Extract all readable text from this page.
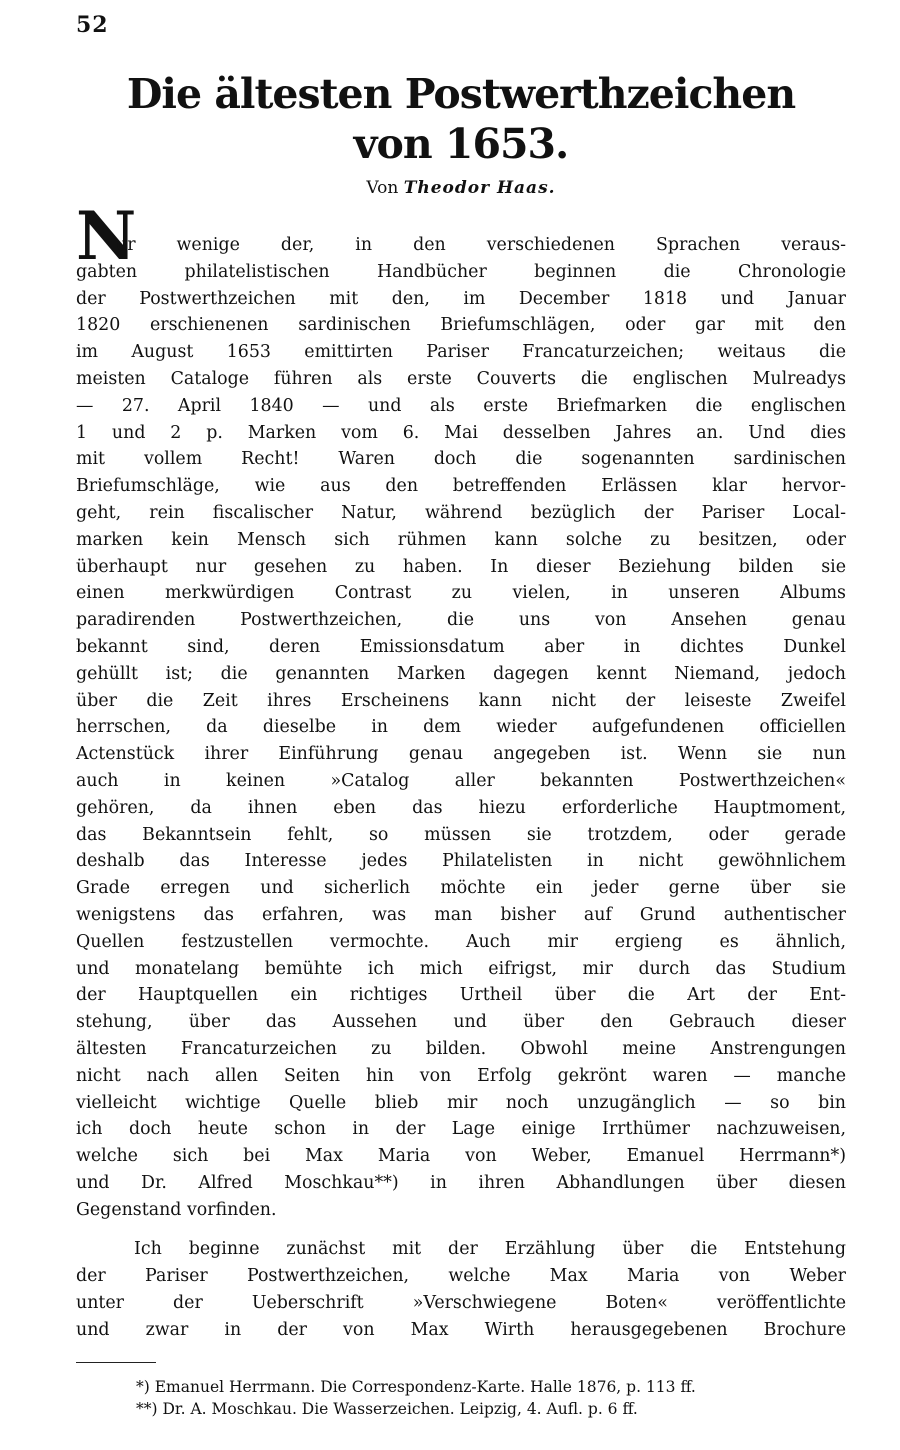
52
Die ältesten Postwerthzeichen
von 1653.
Von Theodor Haas.
N
ur wenige der, in den verschiedenen Sprachen veraus-
gabten philatelistischen Handbücher beginnen die Chronologie
der Postwerthzeichen mit den, im December 1818 und Januar
1820 erschienenen sardinischen Briefumschlägen, oder gar mit den
im August 1653 emittirten Pariser Francaturzeichen; weitaus die
meisten Cataloge führen als erste Couverts die englischen Mulreadys
— 27. April 1840 — und als erste Briefmarken die englischen
1 und 2 p. Marken vom 6. Mai desselben Jahres an. Und dies
mit vollem Recht! Waren doch die sogenannten sardinischen
Briefumschläge, wie aus den betreffenden Erlässen klar hervor-
geht, rein fiscalischer Natur, während bezüglich der Pariser Local-
marken kein Mensch sich rühmen kann solche zu besitzen, oder
überhaupt nur gesehen zu haben. In dieser Beziehung bilden sie
einen merkwürdigen Contrast zu vielen, in unseren Albums
paradirenden Postwerthzeichen, die uns von Ansehen genau
bekannt sind, deren Emissionsdatum aber in dichtes Dunkel
gehüllt ist; die genannten Marken dagegen kennt Niemand, jedoch
über die Zeit ihres Erscheinens kann nicht der leiseste Zweifel
herrschen, da dieselbe in dem wieder aufgefundenen officiellen
Actenstück ihrer Einführung genau angegeben ist. Wenn sie nun
auch in keinen »Catalog aller bekannten Postwerthzeichen«
gehören, da ihnen eben das hiezu erforderliche Hauptmoment,
das Bekanntsein fehlt, so müssen sie trotzdem, oder gerade
deshalb das Interesse jedes Philatelisten in nicht gewöhnlichem
Grade erregen und sicherlich möchte ein jeder gerne über sie
wenigstens das erfahren, was man bisher auf Grund authentischer
Quellen festzustellen vermochte. Auch mir ergieng es ähnlich,
und monatelang bemühte ich mich eifrigst, mir durch das Studium
der Hauptquellen ein richtiges Urtheil über die Art der Ent-
stehung, über das Aussehen und über den Gebrauch dieser
ältesten Francaturzeichen zu bilden. Obwohl meine Anstrengungen
nicht nach allen Seiten hin von Erfolg gekrönt waren — manche
vielleicht wichtige Quelle blieb mir noch unzugänglich — so bin
ich doch heute schon in der Lage einige Irrthümer nachzuweisen,
welche sich bei Max Maria von Weber, Emanuel Herrmann*)
und Dr. Alfred Moschkau**) in ihren Abhandlungen über diesen
Gegenstand vorfinden.
Ich beginne zunächst mit der Erzählung über die Entstehung
der Pariser Postwerthzeichen, welche Max Maria von Weber
unter der Ueberschrift »Verschwiegene Boten« veröffentlichte
und zwar in der von Max Wirth herausgegebenen Brochure
*) Emanuel Herrmann. Die Correspondenz-Karte. Halle 1876, p. 113 ff.
**) Dr. A. Moschkau. Die Wasserzeichen. Leipzig, 4. Aufl. p. 6 ff.
